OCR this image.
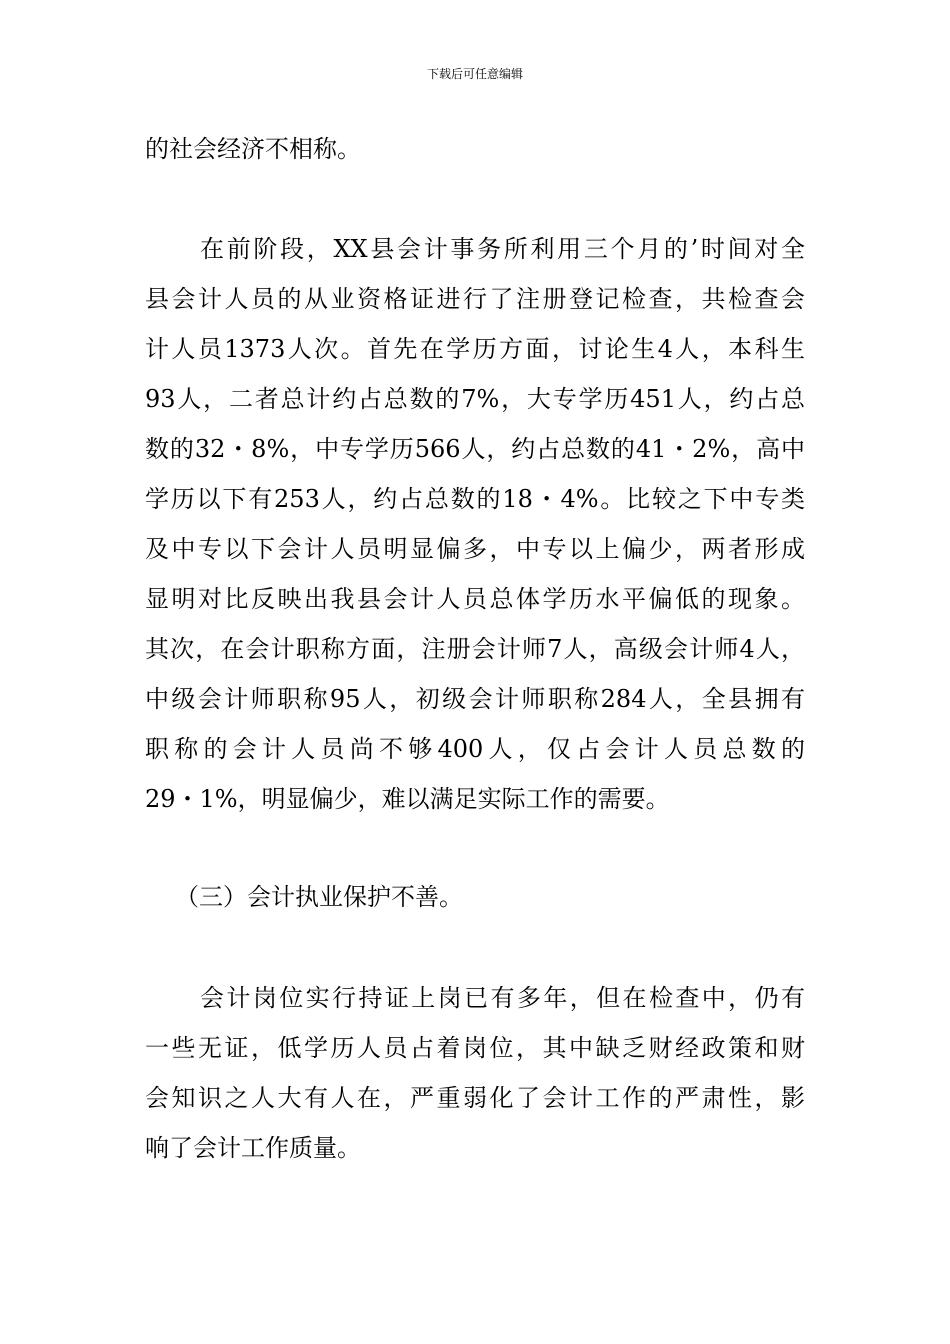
下载后可任意编辑
的社会经济不相称。
在前阶段，XX县会计事务所利用三个月的’时间对全
县会计人员的从业资格证进行了注册登记检查，共检查会
计人员1373人次。首先在学历方面，讨论生4人，本科生
93人，二者总计约占总数的7%，大专学历451人，约占总
数的32・8%，中专学历566人，约占总数的41・2%，高中
学历以下有253人，约占总数的18・4%。比较之下中专类
及中专以下会计人员明显偏多，中专以上偏少，两者形成
显明对比反映出我县会计人员总体学历水平偏低的现象。
其次，在会计职称方面，注册会计师7人，高级会计师4人，
中级会计师职称95人，初级会计师职称284人，全县拥有
职称的会计人员尚不够400人，仅占会计人员总数的
29・1%，明显偏少，难以满足实际工作的需要。
（三）会计执业保护不善。
会计岗位实行持证上岗已有多年，但在检查中，仍有
一些无证，低学历人员占着岗位，其中缺乏财经政策和财
会知识之人大有人在，严重弱化了会计工作的严肃性，影
响了会计工作质量。
